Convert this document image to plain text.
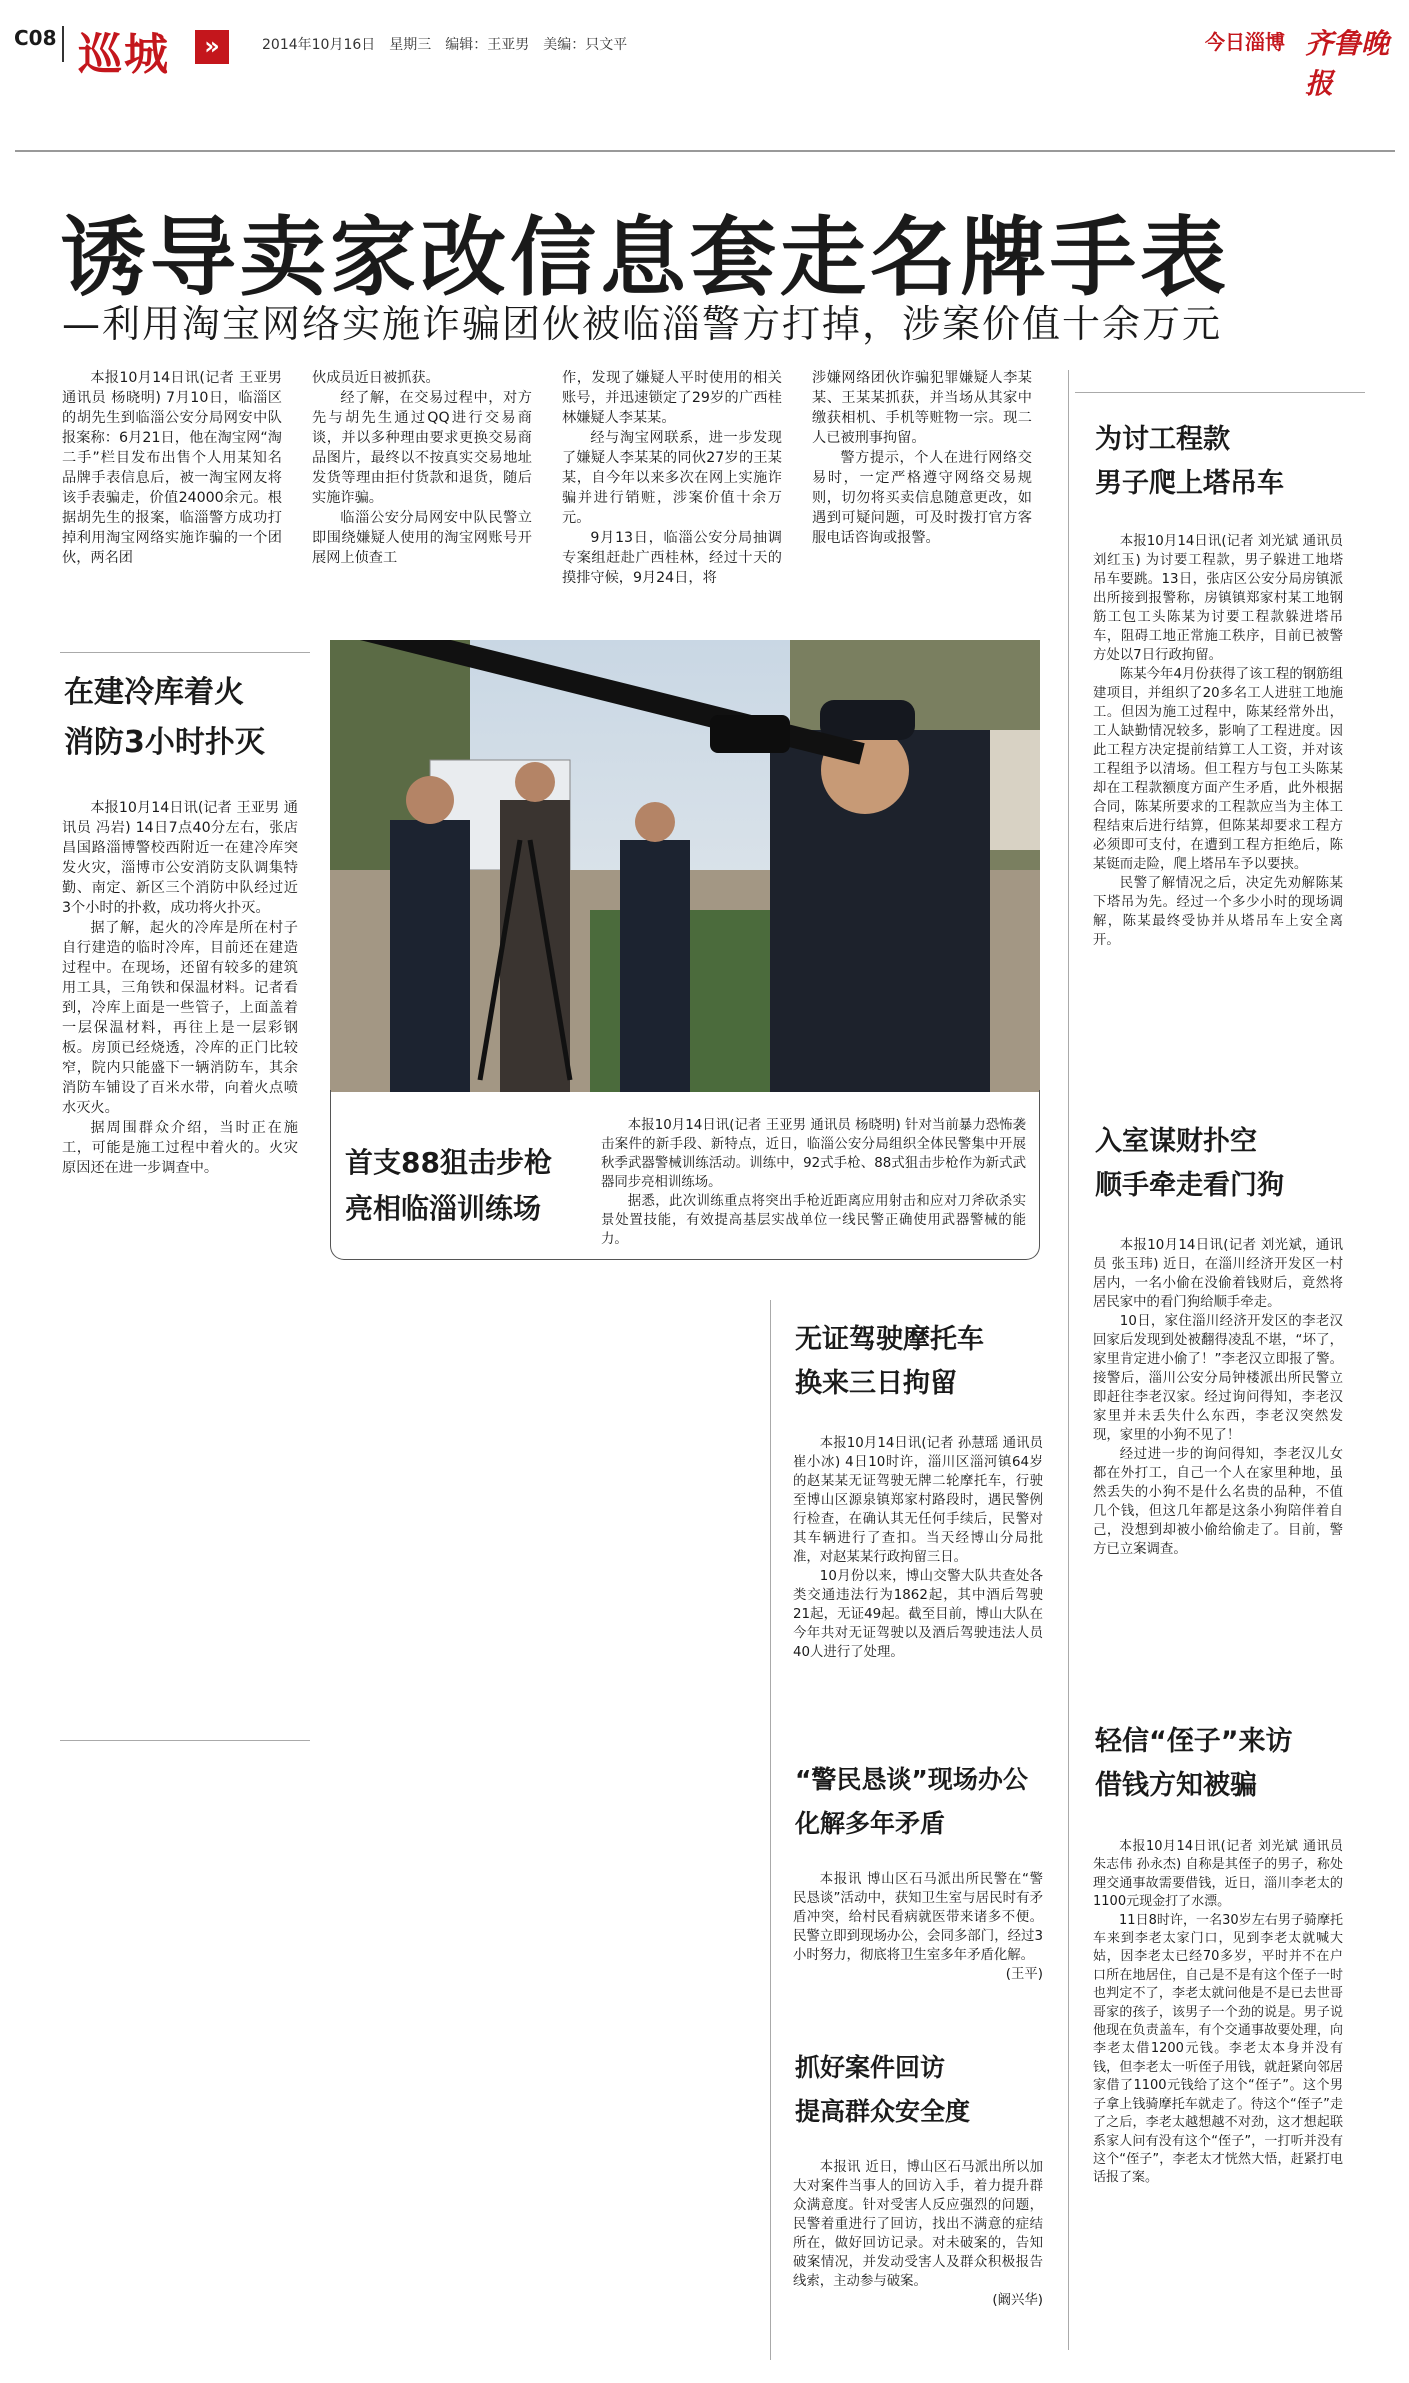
C08 巡城	»	2014年10月16日　星期三　编辑：王亚男　美编：只文平	今日淄博 齐鲁晚报
诱导卖家改信息套走名牌手表
—利用淘宝网络实施诈骗团伙被临淄警方打掉，涉案价值十余万元

本报10月14日讯(记者 王亚男 通讯员 杨晓明) 7月10日，临淄区的胡先生到临淄公安分局网安中队报案称：6月21日，他在淘宝网“淘二手”栏目发布出售个人用某知名品牌手表信息后，被一淘宝网友将该手表骗走，价值24000余元。根据胡先生的报案，临淄警方成功打掉利用淘宝网络实施诈骗的一个团伙，两名团

伙成员近日被抓获。

经了解，在交易过程中，对方先与胡先生通过QQ进行交易商谈，并以多种理由要求更换交易商品图片，最终以不按真实交易地址发货等理由拒付货款和退货，随后实施诈骗。

临淄公安分局网安中队民警立即围绕嫌疑人使用的淘宝网账号开展网上侦查工

作，发现了嫌疑人平时使用的相关账号，并迅速锁定了29岁的广西桂林嫌疑人李某某。

经与淘宝网联系，进一步发现了嫌疑人李某某的同伙27岁的王某某，自今年以来多次在网上实施诈骗并进行销赃，涉案价值十余万元。

9月13日，临淄公安分局抽调专案组赶赴广西桂林，经过十天的摸排守候，9月24日，将

涉嫌网络团伙诈骗犯罪嫌疑人李某某、王某某抓获，并当场从其家中缴获相机、手机等赃物一宗。现二人已被刑事拘留。

警方提示，个人在进行网络交易时，一定严格遵守网络交易规则，切勿将买卖信息随意更改，如遇到可疑问题，可及时拨打官方客服电话咨询或报警。

在建冷库着火
消防3小时扑灭

本报10月14日讯(记者 王亚男 通讯员 冯岩) 14日7点40分左右，张店昌国路淄博警校西附近一在建冷库突发火灾，淄博市公安消防支队调集特勤、南定、新区三个消防中队经过近3个小时的扑救，成功将火扑灭。

据了解，起火的冷库是所在村子自行建造的临时冷库，目前还在建造过程中。在现场，还留有较多的建筑用工具，三角铁和保温材料。记者看到，冷库上面是一些管子，上面盖着一层保温材料，再往上是一层彩钢板。房顶已经烧透，冷库的正门比较窄，院内只能盛下一辆消防车，其余消防车铺设了百米水带，向着火点喷水灭火。

据周围群众介绍，当时正在施工，可能是施工过程中着火的。火灾原因还在进一步调查中。	首支88狙击步枪
亮相临淄训练场

本报10月14日讯(记者 王亚男 通讯员 杨晓明) 针对当前暴力恐怖袭击案件的新手段、新特点，近日，临淄公安分局组织全体民警集中开展秋季武器警械训练活动。训练中，92式手枪、88式狙击步枪作为新式武器同步亮相训练场。

据悉，此次训练重点将突出手枪近距离应用射击和应对刀斧砍杀实景处置技能，有效提高基层实战单位一线民警正确使用武器警械的能力。

为讨工程款
男子爬上塔吊车

本报10月14日讯(记者 刘光斌 通讯员 刘红玉) 为讨要工程款，男子躲进工地塔吊车要跳。13日，张店区公安分局房镇派出所接到报警称，房镇镇郑家村某工地钢筋工包工头陈某为讨要工程款躲进塔吊车，阻碍工地正常施工秩序，目前已被警方处以7日行政拘留。

陈某今年4月份获得了该工程的钢筋组建项目，并组织了20多名工人进驻工地施工。但因为施工过程中，陈某经常外出，工人缺勤情况较多，影响了工程进度。因此工程方决定提前结算工人工资，并对该工程组予以清场。但工程方与包工头陈某却在工程款额度方面产生矛盾，此外根据合同，陈某所要求的工程款应当为主体工程结束后进行结算，但陈某却要求工程方必须即可支付，在遭到工程方拒绝后，陈某铤而走险，爬上塔吊车予以要挟。

民警了解情况之后，决定先劝解陈某下塔吊为先。经过一个多少小时的现场调解，陈某最终受协并从塔吊车上安全离开。

入室谋财扑空
顺手牵走看门狗

本报10月14日讯(记者 刘光斌，通讯员 张玉玮) 近日，在淄川经济开发区一村居内，一名小偷在没偷着钱财后，竟然将居民家中的看门狗给顺手牵走。

10日，家住淄川经济开发区的李老汉回家后发现到处被翻得凌乱不堪，“坏了，家里肯定进小偷了！”李老汉立即报了警。接警后，淄川公安分局钟楼派出所民警立即赶往李老汉家。经过询问得知，李老汉家里并未丢失什么东西，李老汉突然发现，家里的小狗不见了！

经过进一步的询问得知，李老汉儿女都在外打工，自己一个人在家里种地，虽然丢失的小狗不是什么名贵的品种，不值几个钱，但这几年都是这条小狗陪伴着自己，没想到却被小偷给偷走了。目前，警方已立案调查。

轻信“侄子”来访
借钱方知被骗

本报10月14日讯(记者 刘光斌 通讯员 朱志伟 孙永杰) 自称是其侄子的男子，称处理交通事故需要借钱，近日，淄川李老太的1100元现金打了水漂。

11日8时许，一名30岁左右男子骑摩托车来到李老太家门口，见到李老太就喊大姑，因李老太已经70多岁，平时并不在户口所在地居住，自己是不是有这个侄子一时也判定不了，李老太就问他是不是已去世哥哥家的孩子，该男子一个劲的说是。男子说他现在负责盖车，有个交通事故要处理，向李老太借1200元钱。李老太本身并没有钱，但李老太一听侄子用钱，就赶紧向邻居家借了1100元钱给了这个“侄子”。这个男子拿上钱骑摩托车就走了。待这个“侄子”走了之后，李老太越想越不对劲，这才想起联系家人问有没有这个“侄子”，一打听并没有这个“侄子”，李老太才恍然大悟，赶紧打电话报了案。

无证驾驶摩托车
换来三日拘留

本报10月14日讯(记者 孙慧瑶 通讯员 崔小冰) 4日10时许，淄川区淄河镇64岁的赵某某无证驾驶无牌二轮摩托车，行驶至博山区源泉镇郑家村路段时，遇民警例行检查，在确认其无任何手续后，民警对其车辆进行了查扣。当天经博山分局批准，对赵某某行政拘留三日。

10月份以来，博山交警大队共查处各类交通违法行为1862起，其中酒后驾驶21起，无证49起。截至目前，博山大队在今年共对无证驾驶以及酒后驾驶违法人员40人进行了处理。

“警民恳谈”现场办公
化解多年矛盾

本报讯 博山区石马派出所民警在“警民恳谈”活动中，获知卫生室与居民时有矛盾冲突，给村民看病就医带来诸多不便。民警立即到现场办公，会同多部门，经过3小时努力，彻底将卫生室多年矛盾化解。

(王平)

抓好案件回访
提高群众安全度

本报讯 近日，博山区石马派出所以加大对案件当事人的回访入手，着力提升群众满意度。针对受害人反应强烈的问题，民警着重进行了回访，找出不满意的症结所在，做好回访记录。对未破案的，告知破案情况，并发动受害人及群众积极报告线索，主动参与破案。

(阚兴华)
